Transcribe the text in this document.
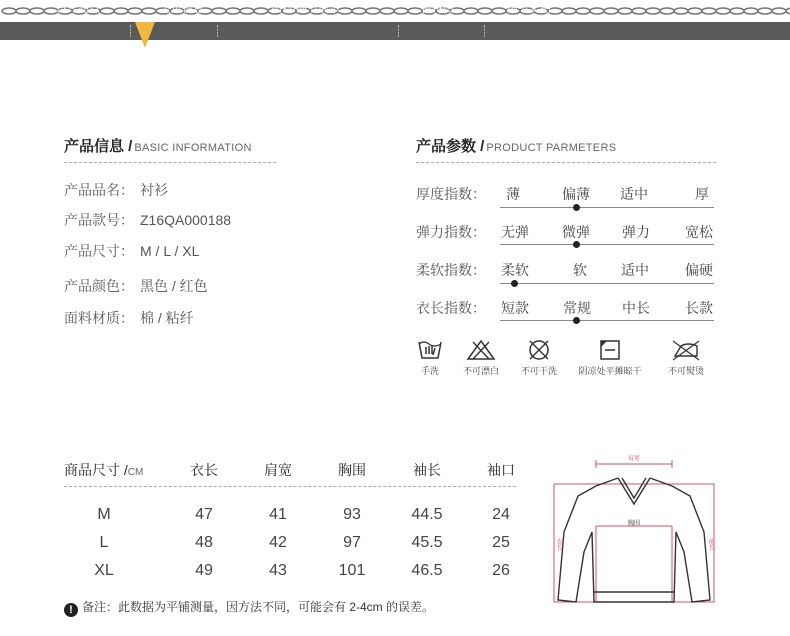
设计亮点	宝贝信息	面料/细节展示	模特图	细节实拍
产品信息 / BASIC INFORMATION
产品品名： 衬衫
产品款号： Z16QA000188
产品尺寸： M / L / XL
产品颜色： 黑色 / 红色
面料材质： 棉 / 粘纤
产品参数 / PRODUCT PARMETERS
厚度指数：	薄	偏薄	适中	厚
弹力指数：	无弹	微弹	弹力	宽松
柔软指数：	柔软	软	适中	偏硬
衣长指数：	短款	常规	中长	长款
手洗	不可漂白	不可干洗	阴凉处平摊晾干	不可熨烫
商品尺寸 /CM	衣长	肩宽	胸围	袖长	袖口
M	47	41	93	44.5	24
L	48	42	97	45.5	25
XL	49	43	101	46.5	26
! 备注：此数据为平铺测量，因方法不同，可能会有 2-4cm 的误差。
肩宽
胸围
衣长	袖长
